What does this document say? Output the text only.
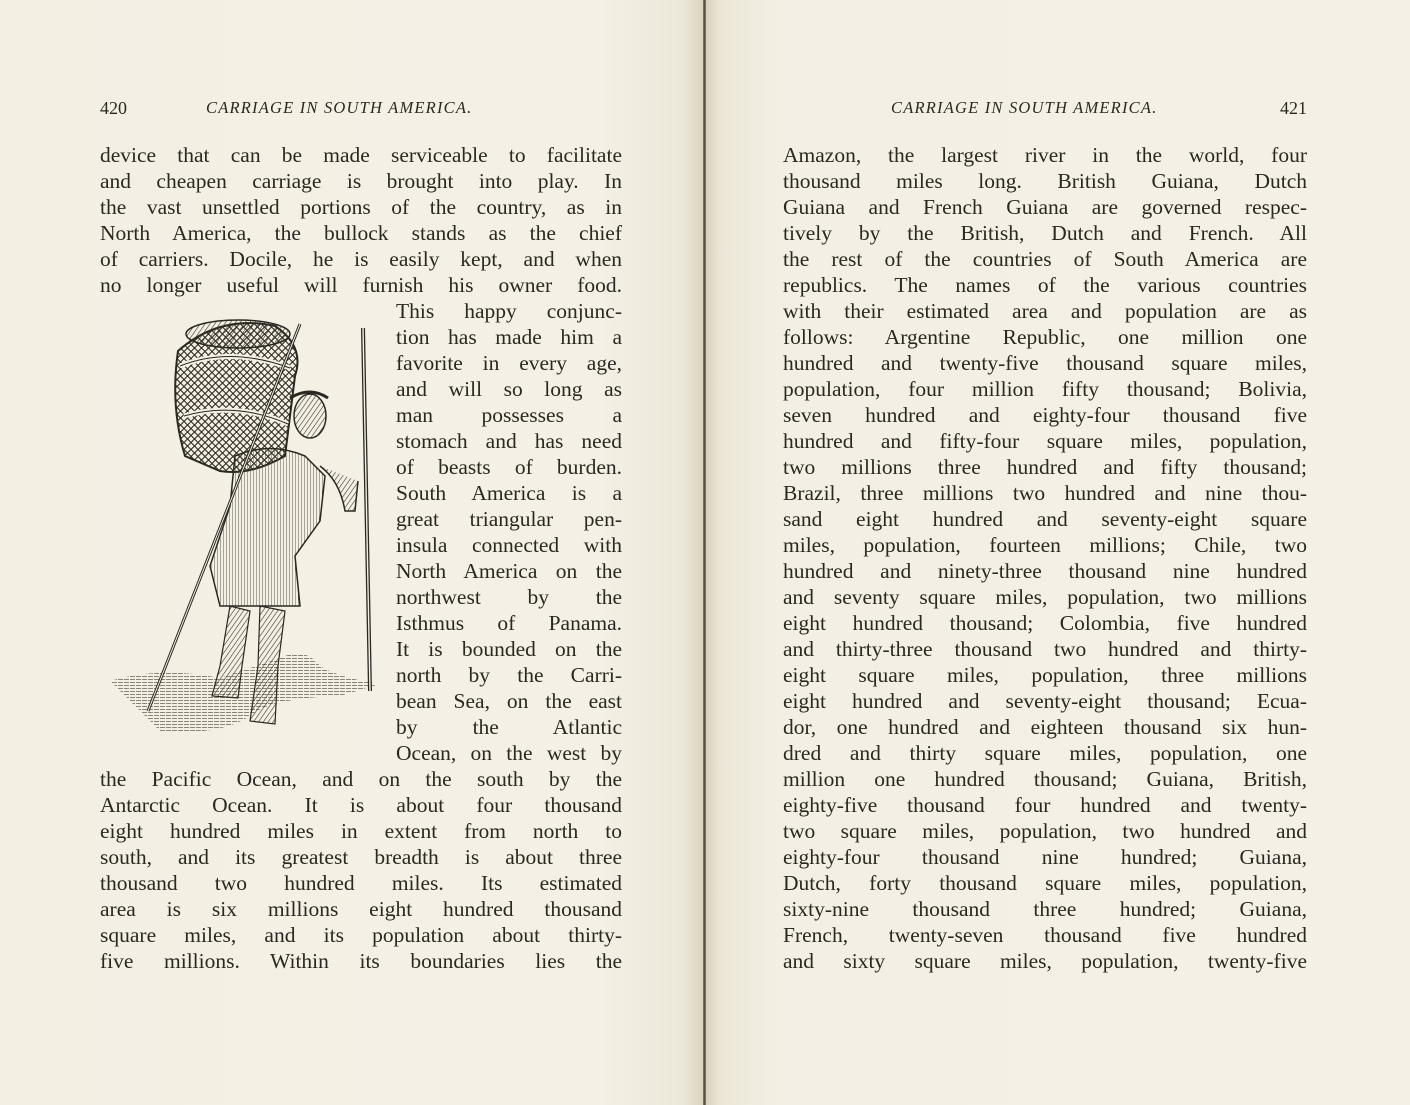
420	CARRIAGE IN SOUTH AMERICA.
device that can be made serviceable to facilitate
and cheapen carriage is brought into play. In
the vast unsettled portions of the country, as in
North America, the bullock stands as the chief
of carriers. Docile, he is easily kept, and when
no longer useful will furnish his owner food.
This happy conjunc-
tion has made him a
favorite in every age,
and will so long as
man possesses a
stomach and has need
of beasts of burden.
South America is a
great triangular pen-
insula connected with
North America on the
northwest by the
Isthmus of Panama.
It is bounded on the
north by the Carri-
bean Sea, on the east
by the Atlantic
Ocean, on the west by
the Pacific Ocean, and on the south by the
Antarctic Ocean. It is about four thousand
eight hundred miles in extent from north to
south, and its greatest breadth is about three
thousand two hundred miles. Its estimated
area is six millions eight hundred thousand
square miles, and its population about thirty-
five millions. Within its boundaries lies the
CARRIAGE IN SOUTH AMERICA.	421
Amazon, the largest river in the world, four
thousand miles long. British Guiana, Dutch
Guiana and French Guiana are governed respec-
tively by the British, Dutch and French. All
the rest of the countries of South America are
republics. The names of the various countries
with their estimated area and population are as
follows: Argentine Republic, one million one
hundred and twenty-five thousand square miles,
population, four million fifty thousand; Bolivia,
seven hundred and eighty-four thousand five
hundred and fifty-four square miles, population,
two millions three hundred and fifty thousand;
Brazil, three millions two hundred and nine thou-
sand eight hundred and seventy-eight square
miles, population, fourteen millions; Chile, two
hundred and ninety-three thousand nine hundred
and seventy square miles, population, two millions
eight hundred thousand; Colombia, five hundred
and thirty-three thousand two hundred and thirty-
eight square miles, population, three millions
eight hundred and seventy-eight thousand; Ecua-
dor, one hundred and eighteen thousand six hun-
dred and thirty square miles, population, one
million one hundred thousand; Guiana, British,
eighty-five thousand four hundred and twenty-
two square miles, population, two hundred and
eighty-four thousand nine hundred; Guiana,
Dutch, forty thousand square miles, population,
sixty-nine thousand three hundred; Guiana,
French, twenty-seven thousand five hundred
and sixty square miles, population, twenty-five
